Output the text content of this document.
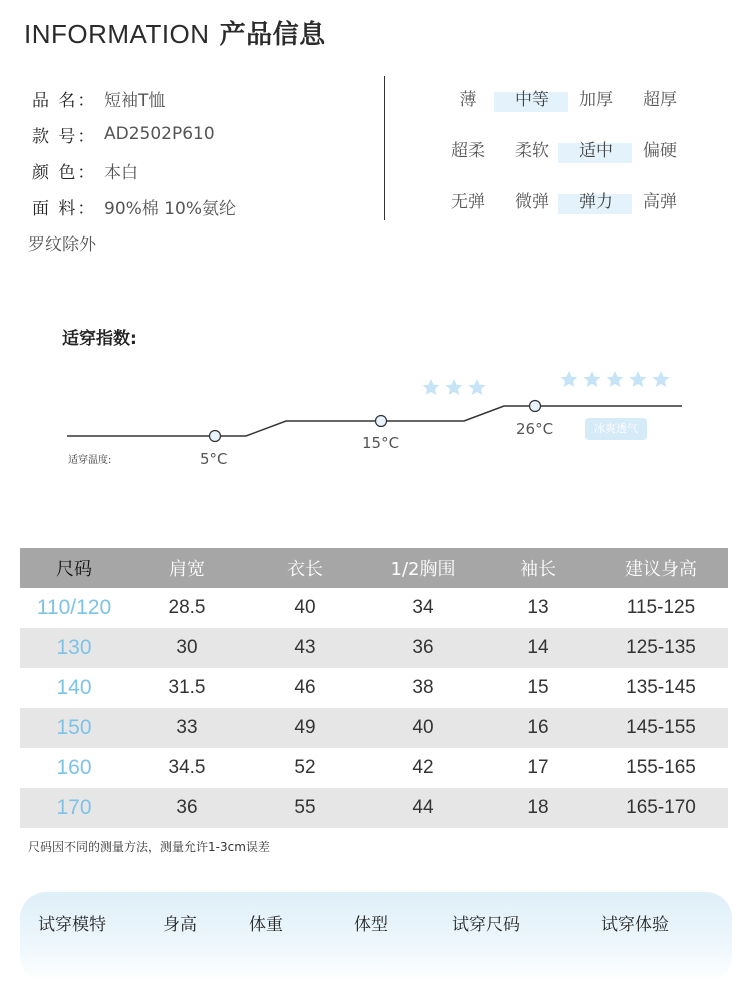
INFORMATION 产品信息
品 名： 短袖T恤
款 号： AD2502P610
颜 色： 本白
面 料： 90%棉 10%氨纶
罗纹除外
薄	中等	加厚	超厚
超柔	柔软	适中	偏硬
无弹	微弹	弹力	高弹
适穿指数:
适穿温度:	5°C
15°C
26°C	冰爽透气
尺码	肩宽	衣长	1/2胸围	袖长	建议身高
110/120	28.5	40	34	13	115-125
130	30	43	36	14	125-135
140	31.5	46	38	15	135-145
150	33	49	40	16	145-155
160	34.5	52	42	17	155-165
170	36	55	44	18	165-170
尺码因不同的测量方法，测量允许1-3cm误差
试穿模特	身高	体重	体型	试穿尺码	试穿体验
